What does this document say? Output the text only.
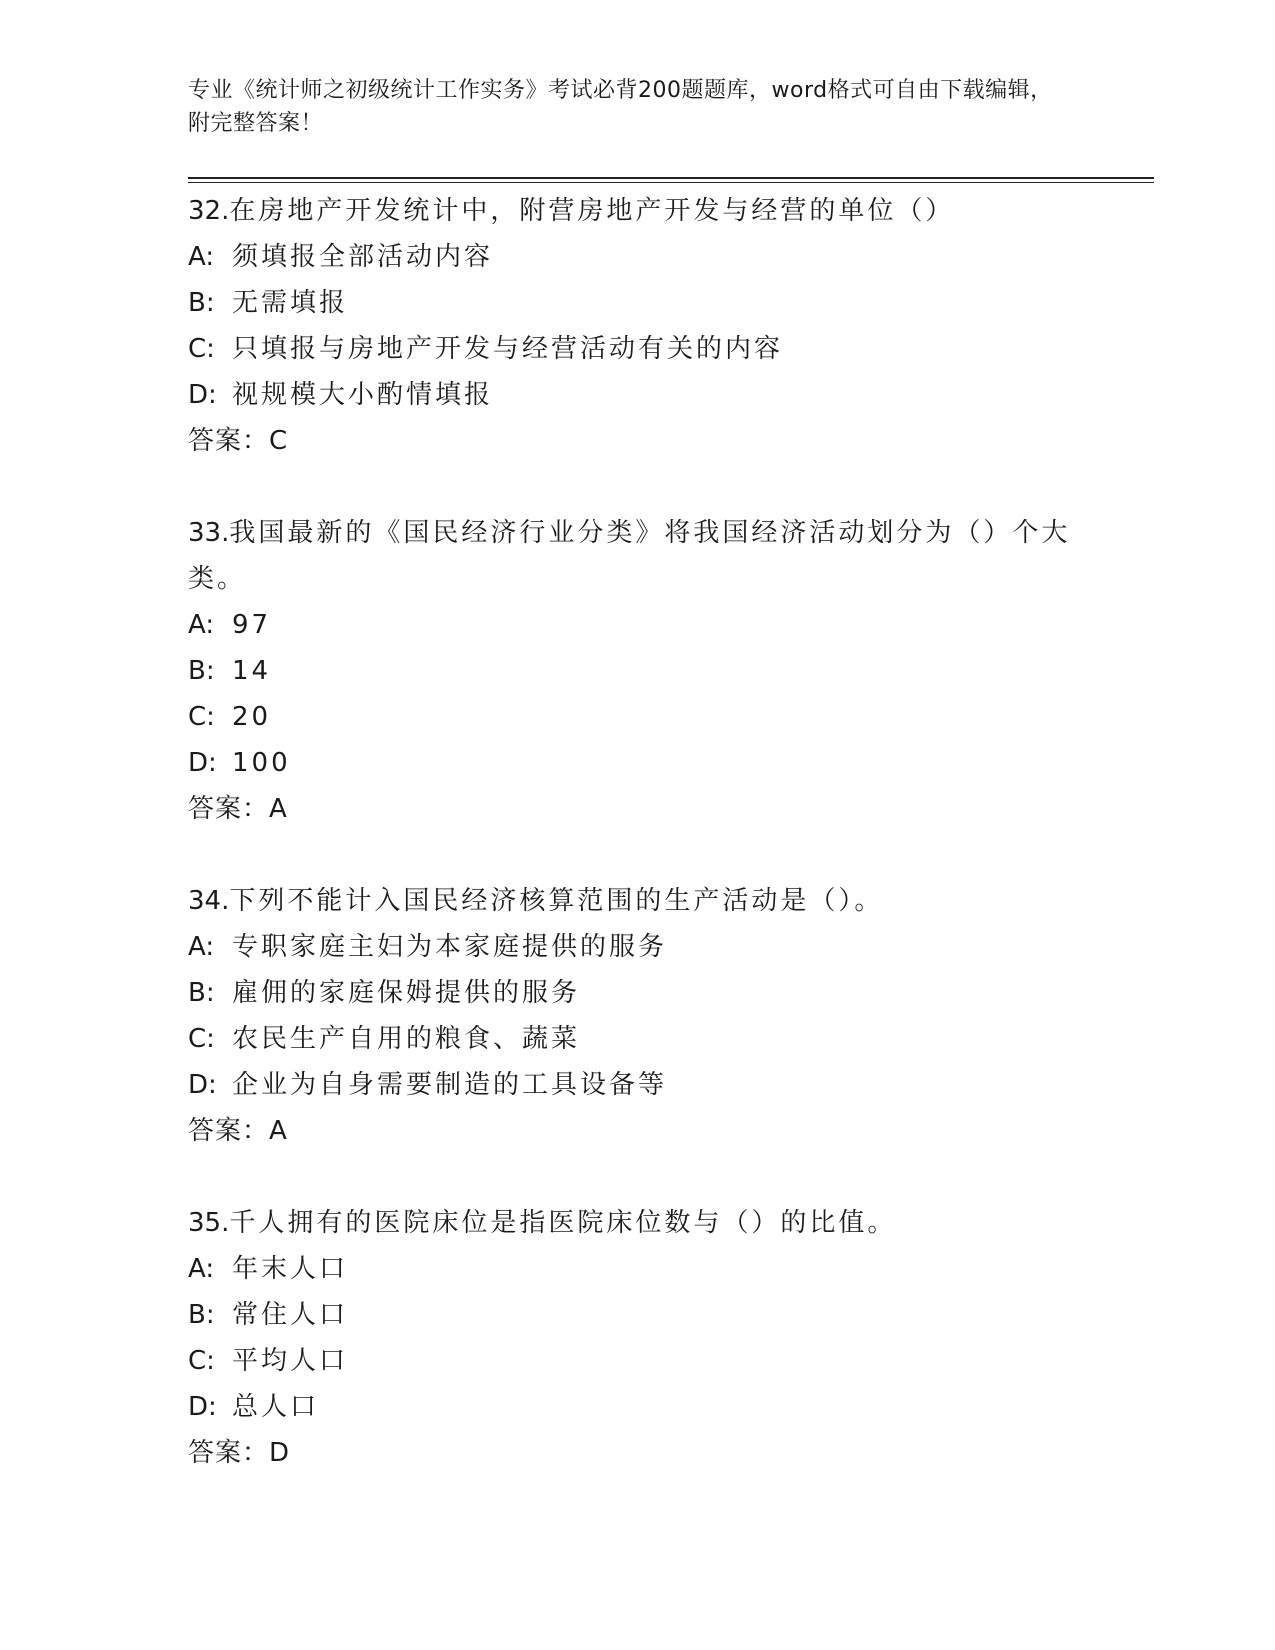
专业《统计师之初级统计工作实务》考试必背200题题库，word格式可自由下载编辑，附完整答案！

32.在房地产开发统计中，附营房地产开发与经营的单位（）

A: 须填报全部活动内容
B: 无需填报
C: 只填报与房地产开发与经营活动有关的内容
D: 视规模大小酌情填报
答案：C

33.我国最新的《国民经济行业分类》将我国经济活动划分为（）个大类。

A: 97
B: 14
C: 20
D: 100
答案：A

34.下列不能计入国民经济核算范围的生产活动是（）。

A: 专职家庭主妇为本家庭提供的服务
B: 雇佣的家庭保姆提供的服务
C: 农民生产自用的粮食、蔬菜
D: 企业为自身需要制造的工具设备等
答案：A

35.千人拥有的医院床位是指医院床位数与（）的比值。

A: 年末人口
B: 常住人口
C: 平均人口
D: 总人口
答案：D
